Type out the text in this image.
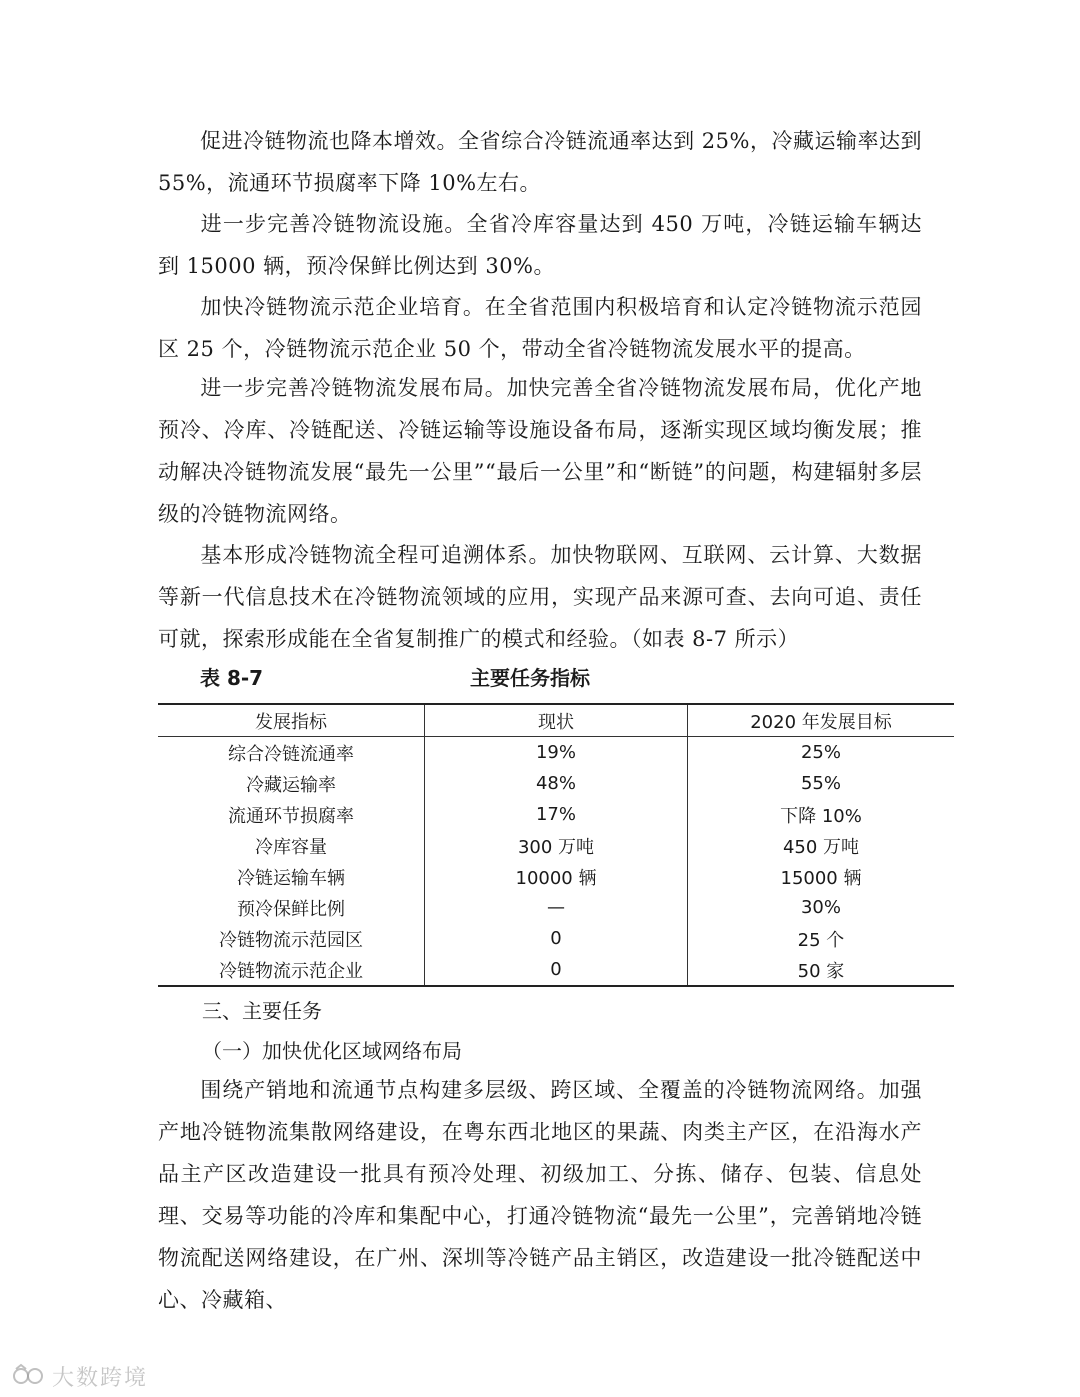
促进冷链物流也降本增效。全省综合冷链流通率达到 25%，冷藏运输率达到 55%，流通环节损腐率下降 10%左右。

进一步完善冷链物流设施。全省冷库容量达到 450 万吨，冷链运输车辆达到 15000 辆，预冷保鲜比例达到 30%。

加快冷链物流示范企业培育。在全省范围内积极培育和认定冷链物流示范园区 25 个，冷链物流示范企业 50 个，带动全省冷链物流发展水平的提高。

进一步完善冷链物流发展布局。加快完善全省冷链物流发展布局，优化产地预冷、冷库、冷链配送、冷链运输等设施设备布局，逐渐实现区域均衡发展；推动解决冷链物流发展“最先一公里”“最后一公里”和“断链”的问题，构建辐射多层级的冷链物流网络。

基本形成冷链物流全程可追溯体系。加快物联网、互联网、云计算、大数据等新一代信息技术在冷链物流领域的应用，实现产品来源可查、去向可追、责任可就，探索形成能在全省复制推广的模式和经验。（如表 8-7 所示）

表 8-7	主要任务指标
发展指标	现状	2020 年发展目标
综合冷链流通率	19%	25%
冷藏运输率	48%	55%
流通环节损腐率	17%	下降 10%
冷库容量	300 万吨	450 万吨
冷链运输车辆	10000 辆	15000 辆
预冷保鲜比例	—	30%
冷链物流示范园区	0	25 个
冷链物流示范企业	0	50 家
三、主要任务
（一）加快优化区域网络布局

围绕产销地和流通节点构建多层级、跨区域、全覆盖的冷链物流网络。加强产地冷链物流集散网络建设，在粤东西北地区的果蔬、肉类主产区，在沿海水产品主产区改造建设一批具有预冷处理、初级加工、分拣、储存、包装、信息处理、交易等功能的冷库和集配中心，打通冷链物流“最先一公里”，完善销地冷链物流配送网络建设，在广州、深圳等冷链产品主销区，改造建设一批冷链配送中心、冷藏箱、

大数跨境
